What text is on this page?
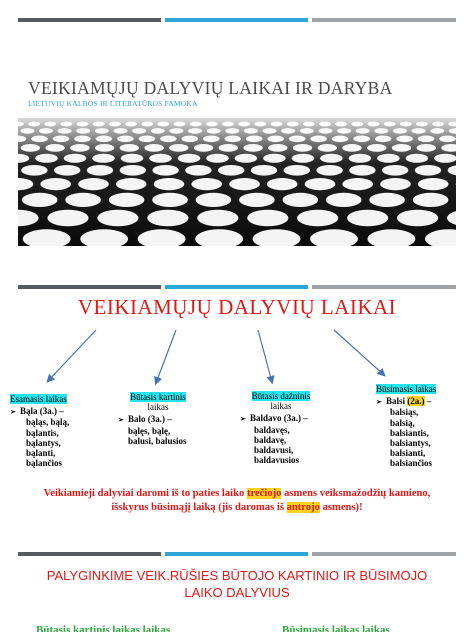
VEIKIAMŲJŲ DALYVIŲ LAIKAI IR DARYBA
LIETUVIŲ KALBOS IR LITERATŪROS PAMOKA
VEIKIAMŲJŲ DALYVIŲ LAIKAI
Esamasis laikas
➢ Bąla (3a.) –
bąląs, bąlą,
bąlantis,
bąlantys,
bąlanti,
bąlančios
Būtasis kartinis
laikas
➢ Balo (3a.) –
bąlęs, bąlę,
balusi, balusios
Būtasis dažninis
laikas
➢ Baldavo (3a.) –
baldavęs,
baldavę,
baldavusi,
baldavusios
Būsimasis laikas
➢ Balsi (2a.) –
balsiąs,
balsią,
balsiantis,
balsiantys,
balsianti,
balsiančios
Veikiamieji dalyviai daromi iš to paties laiko trečiojo asmens veiksmažodžių kamieno, išskyrus būsimąjį laiką (jis daromas iš antrojo asmens)!
PALYGINKIME VEIK.RŪŠIES BŪTOJO KARTINIO IR BŪSIMOJO
LAIKO DALYVIUS
Būtasis kartinis laikas laikas	Būsimasis laikas laikas
